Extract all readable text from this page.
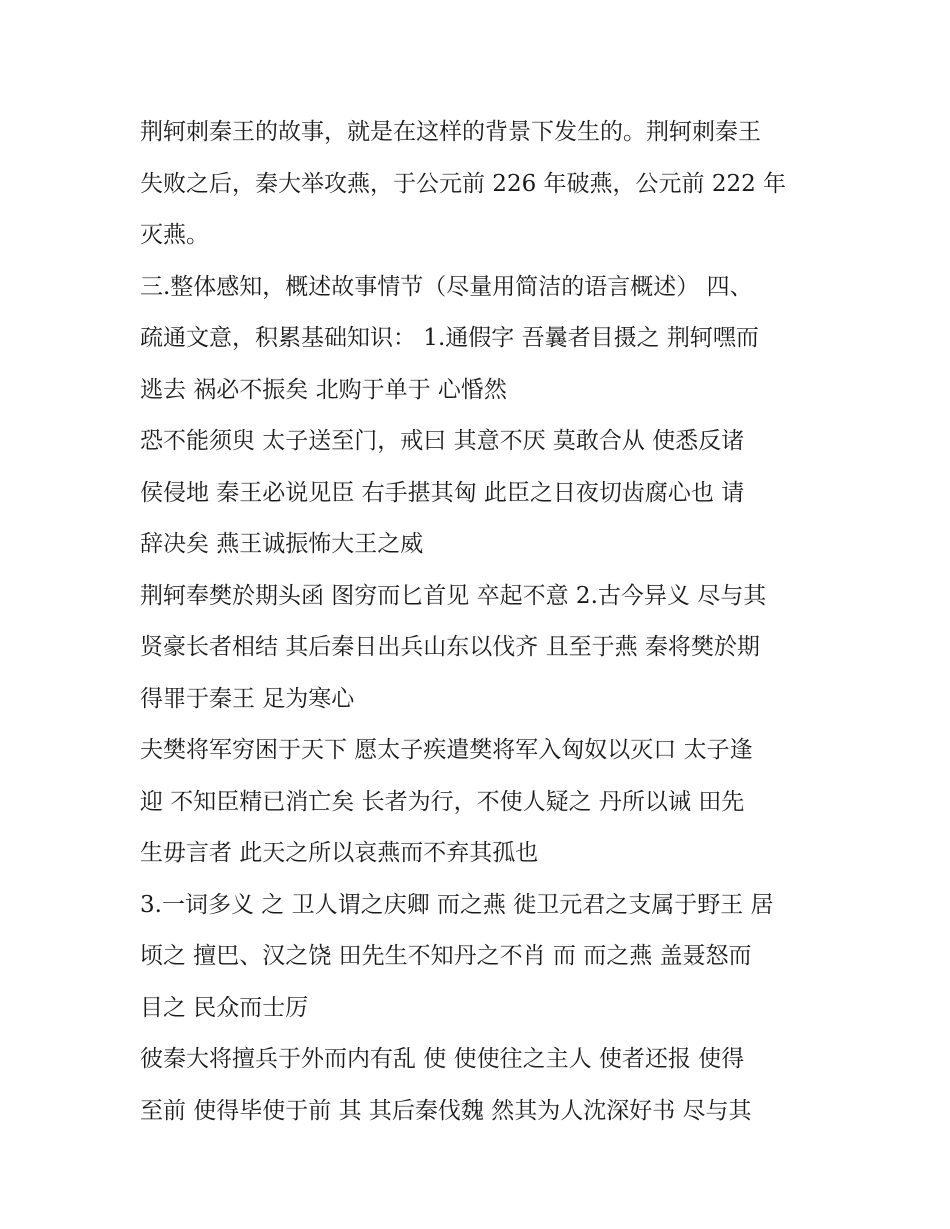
荆轲刺秦王的故事，就是在这样的背景下发生的。荆轲刺秦王
失败之后，秦大举攻燕，于公元前 226 年破燕，公元前 222 年
灭燕。
三.整体感知，概述故事情节（尽量用简洁的语言概述） 四、
疏通文意，积累基础知识： 1.通假字 吾曩者目摄之 荆轲嘿而
逃去 祸必不振矣 北购于单于 心惛然
恐不能须臾 太子送至门，戒曰 其意不厌 莫敢合从 使悉反诸
侯侵地 秦王必说见臣 右手揕其匈 此臣之日夜切齿腐心也 请
辞决矣 燕王诚振怖大王之威
荆轲奉樊於期头函 图穷而匕首见 卒起不意 2.古今异义 尽与其
贤豪长者相结 其后秦日出兵山东以伐齐 且至于燕 秦将樊於期
得罪于秦王 足为寒心
夫樊将军穷困于天下 愿太子疾遣樊将军入匈奴以灭口 太子逢
迎 不知臣精已消亡矣 长者为行，不使人疑之 丹所以诫 田先
生毋言者 此天之所以哀燕而不弃其孤也
3.一词多义 之 卫人谓之庆卿 而之燕 徙卫元君之支属于野王 居
顷之 擅巴、汉之饶 田先生不知丹之不肖 而 而之燕 盖聂怒而
目之 民众而士厉
彼秦大将擅兵于外而内有乱 使 使使往之主人 使者还报 使得
至前 使得毕使于前 其 其后秦伐魏 然其为人沈深好书 尽与其
